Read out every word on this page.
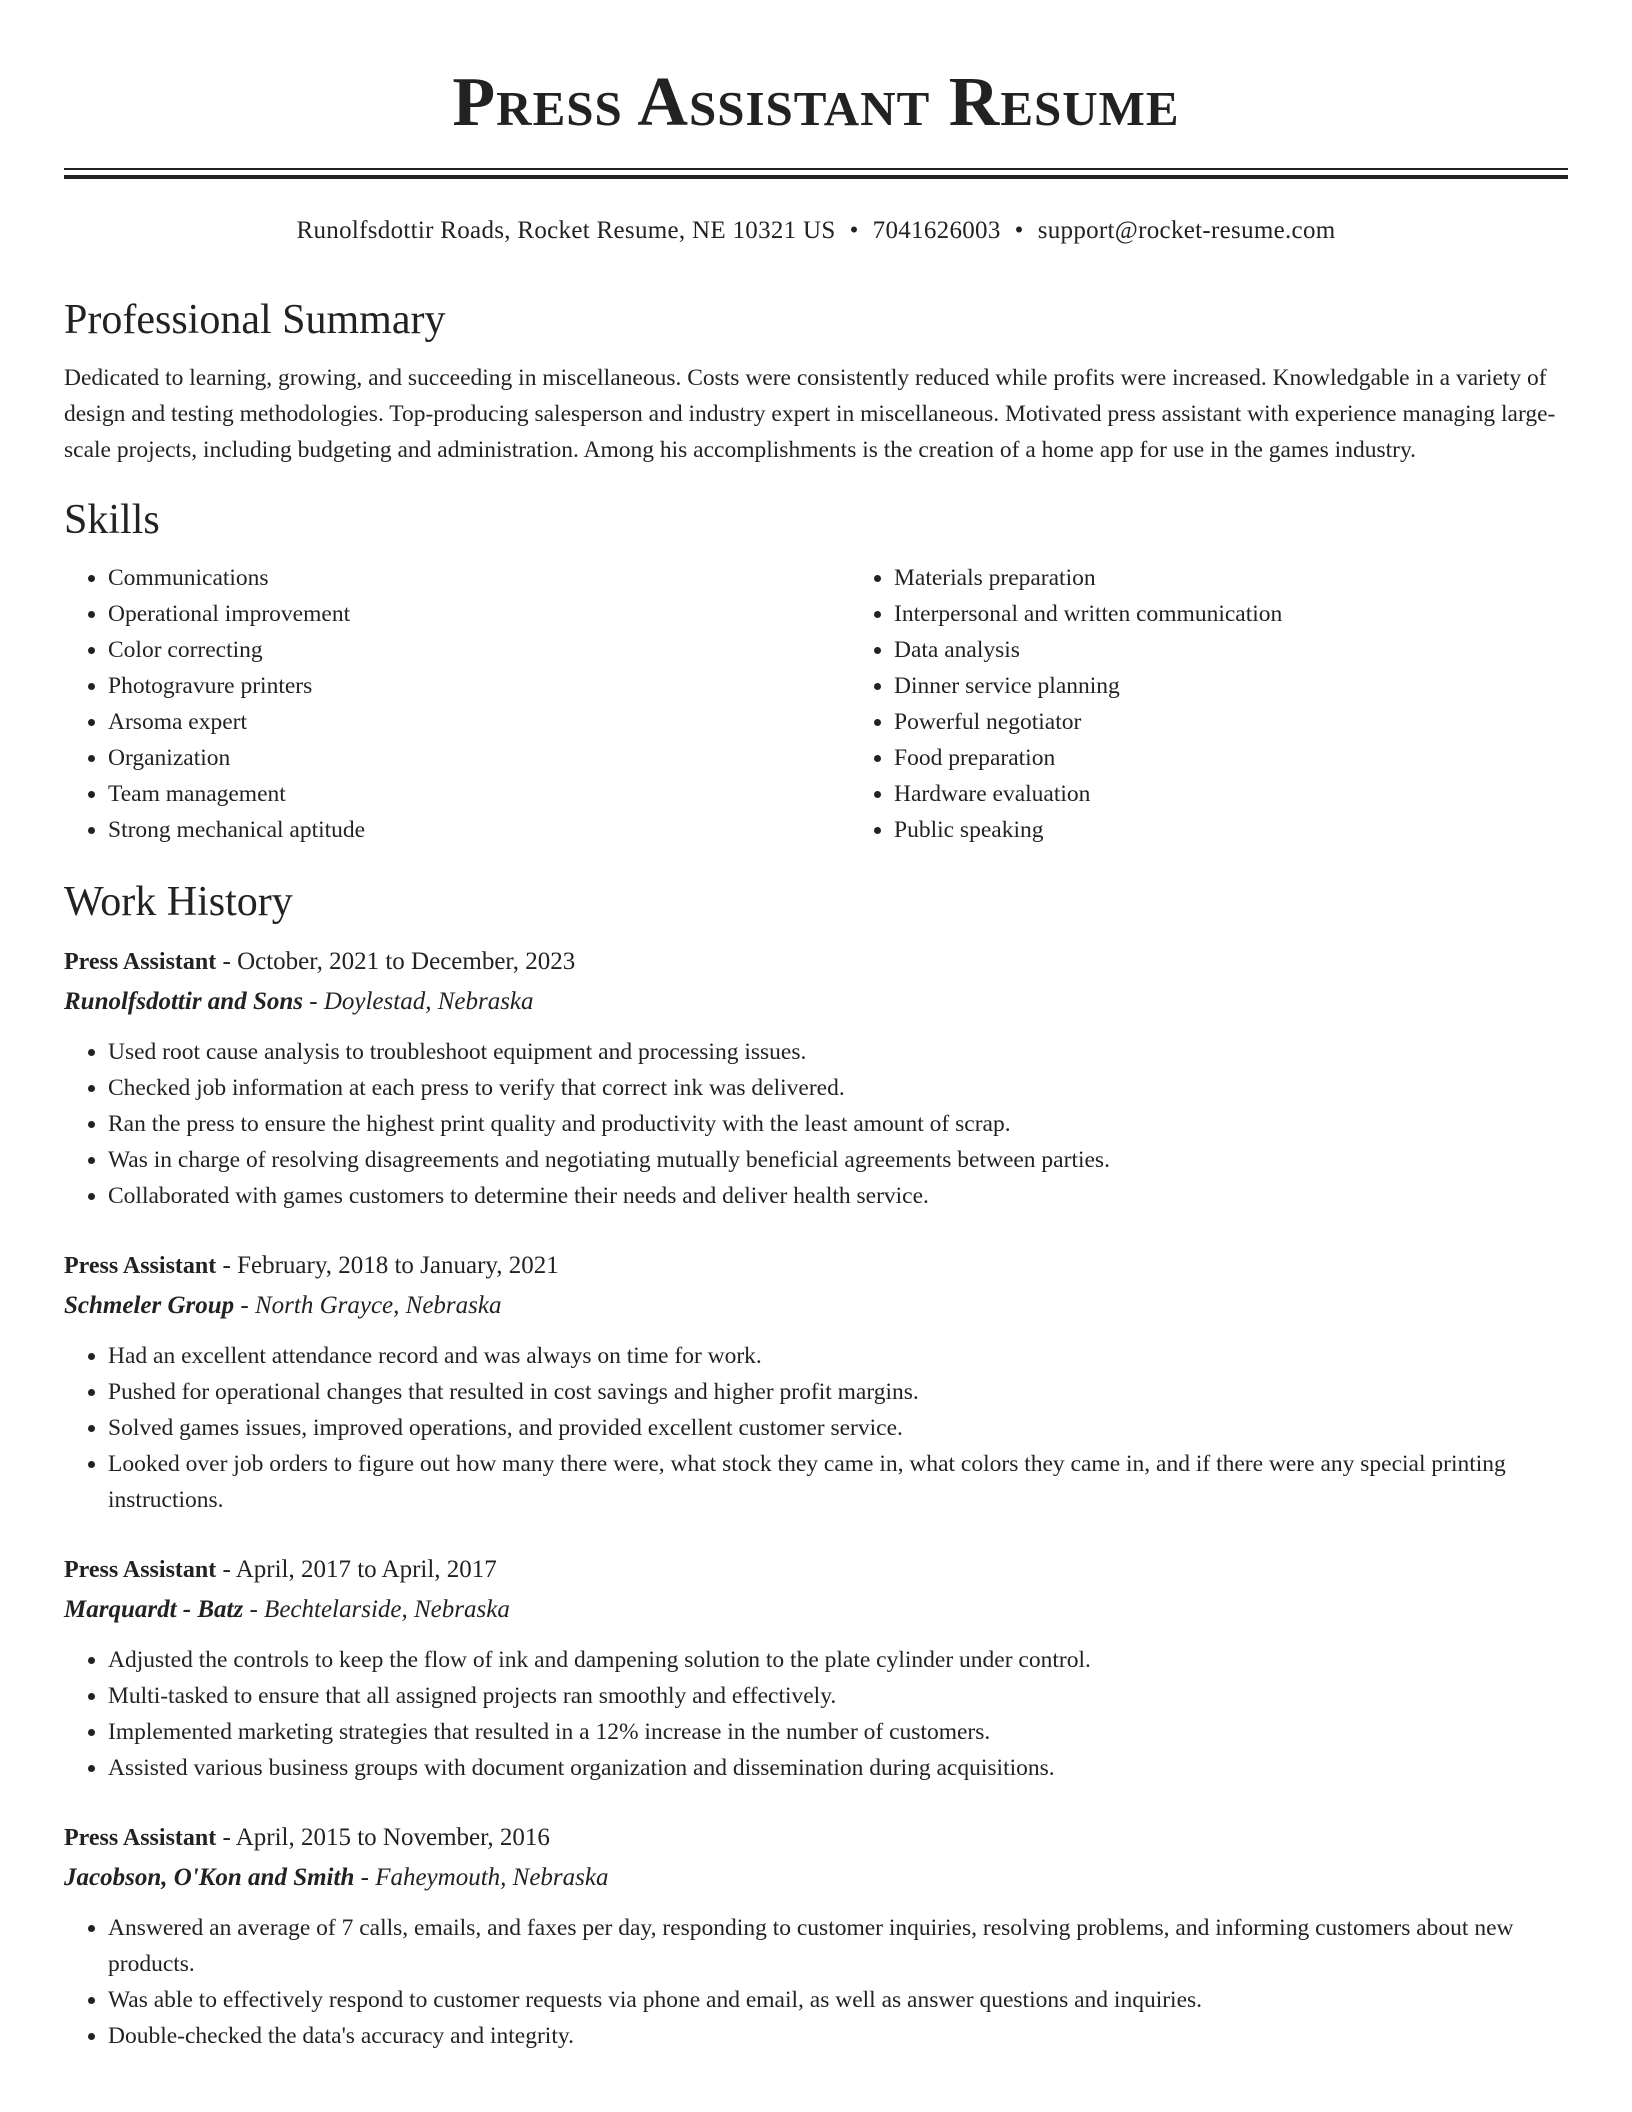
Press Assistant Resume
Runolfsdottir Roads, Rocket Resume, NE 10321 US • 7041626003 • support@rocket-resume.com
Professional Summary

Dedicated to learning, growing, and succeeding in miscellaneous. Costs were consistently reduced while profits were increased. Knowledgable in a variety of design and testing methodologies. Top-producing salesperson and industry expert in miscellaneous. Motivated press assistant with experience managing large-scale projects, including budgeting and administration. Among his accomplishments is the creation of a home app for use in the games industry.

Skills
• Communications
• Operational improvement
• Color correcting
• Photogravure printers
• Arsoma expert
• Organization
• Team management
• Strong mechanical aptitude
• Materials preparation
• Interpersonal and written communication
• Data analysis
• Dinner service planning
• Powerful negotiator
• Food preparation
• Hardware evaluation
• Public speaking
Work History
Press Assistant - October, 2021 to December, 2023
Runolfsdottir and Sons - Doylestad, Nebraska
• Used root cause analysis to troubleshoot equipment and processing issues.
• Checked job information at each press to verify that correct ink was delivered.
• Ran the press to ensure the highest print quality and productivity with the least amount of scrap.
• Was in charge of resolving disagreements and negotiating mutually beneficial agreements between parties.
• Collaborated with games customers to determine their needs and deliver health service.
Press Assistant - February, 2018 to January, 2021
Schmeler Group - North Grayce, Nebraska
• Had an excellent attendance record and was always on time for work.
• Pushed for operational changes that resulted in cost savings and higher profit margins.
• Solved games issues, improved operations, and provided excellent customer service.
• Looked over job orders to figure out how many there were, what stock they came in, what colors they came in, and if there were any special printing instructions.
Press Assistant - April, 2017 to April, 2017
Marquardt - Batz - Bechtelarside, Nebraska
• Adjusted the controls to keep the flow of ink and dampening solution to the plate cylinder under control.
• Multi-tasked to ensure that all assigned projects ran smoothly and effectively.
• Implemented marketing strategies that resulted in a 12% increase in the number of customers.
• Assisted various business groups with document organization and dissemination during acquisitions.
Press Assistant - April, 2015 to November, 2016
Jacobson, O'Kon and Smith - Faheymouth, Nebraska
• Answered an average of 7 calls, emails, and faxes per day, responding to customer inquiries, resolving problems, and informing customers about new products.
• Was able to effectively respond to customer requests via phone and email, as well as answer questions and inquiries.
• Double-checked the data's accuracy and integrity.
